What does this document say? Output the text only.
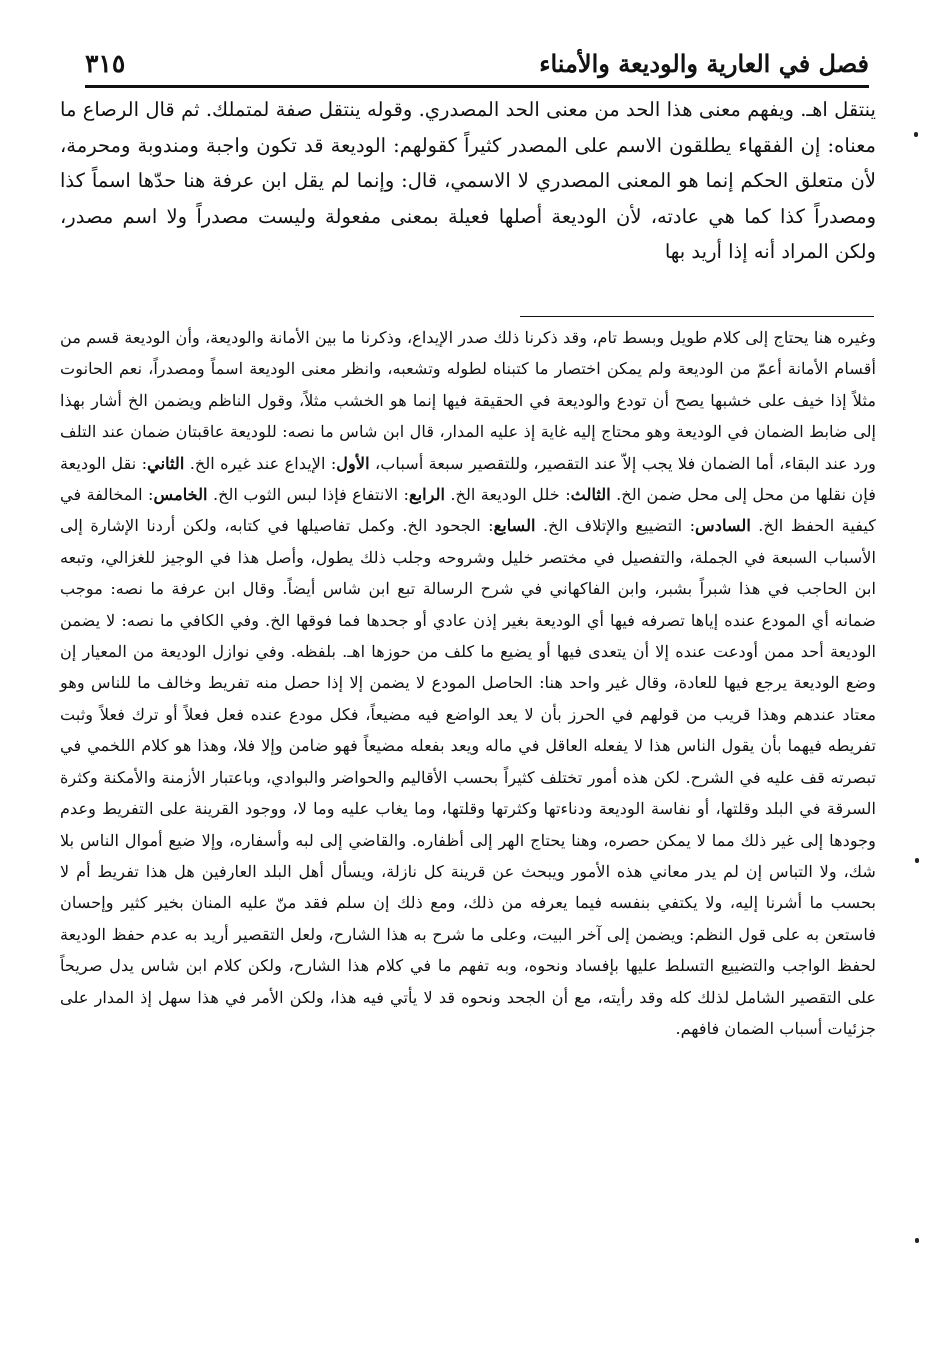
فصل في العارية والوديعة والأمناء
٣١٥

ينتقل اهـ. ويفهم معنى هذا الحد من معنى الحد المصدري. وقوله ينتقل صفة لمتملك. ثم قال الرصاع ما معناه: إن الفقهاء يطلقون الاسم على المصدر كثيراً كقولهم: الوديعة قد تكون واجبة ومندوبة ومحرمة، لأن متعلق الحكم إنما هو المعنى المصدري لا الاسمي، قال: وإنما لم يقل ابن عرفة هنا حدّها اسماً كذا ومصدراً كذا كما هي عادته، لأن الوديعة أصلها فعيلة بمعنى مفعولة وليست مصدراً ولا اسم مصدر، ولكن المراد أنه إذا أريد بها

وغيره هنا يحتاج إلى كلام طويل وبسط تام، وقد ذكرنا ذلك صدر الإيداع، وذكرنا ما بين الأمانة والوديعة، وأن الوديعة قسم من أقسام الأمانة أعمّ من الوديعة ولم يمكن اختصار ما كتبناه لطوله وتشعبه، وانظر معنى الوديعة اسماً ومصدراً، نعم الحانوت مثلاً إذا خيف على خشبها يصح أن تودع والوديعة في الحقيقة فيها إنما هو الخشب مثلاً، وقول الناظم ويضمن الخ أشار بهذا إلى ضابط الضمان في الوديعة وهو محتاج إليه غاية إذ عليه المدار، قال ابن شاس ما نصه: للوديعة عاقبتان ضمان عند التلف ورد عند البقاء، أما الضمان فلا يجب إلاّ عند التقصير، وللتقصير سبعة أسباب، الأول: الإيداع عند غيره الخ. الثاني: نقل الوديعة فإن نقلها من محل إلى محل ضمن الخ. الثالث: خلل الوديعة الخ. الرابع: الانتفاع فإذا لبس الثوب الخ. الخامس: المخالفة في كيفية الحفظ الخ. السادس: التضييع والإتلاف الخ. السابع: الجحود الخ. وكمل تفاصيلها في كتابه، ولكن أردنا الإشارة إلى الأسباب السبعة في الجملة، والتفصيل في مختصر خليل وشروحه وجلب ذلك يطول، وأصل هذا في الوجيز للغزالي، وتبعه ابن الحاجب في هذا شبراً بشبر، وابن الفاكهاني في شرح الرسالة تبع ابن شاس أيضاً. وقال ابن عرفة ما نصه: موجب ضمانه أي المودع عنده إياها تصرفه فيها أي الوديعة بغير إذن عادي أو جحدها فما فوقها الخ. وفي الكافي ما نصه: لا يضمن الوديعة أحد ممن أودعت عنده إلا أن يتعدى فيها أو يضيع ما كلف من حوزها اهـ. بلفظه. وفي نوازل الوديعة من المعيار إن وضع الوديعة يرجع فيها للعادة، وقال غير واحد هنا: الحاصل المودع لا يضمن إلا إذا حصل منه تفريط وخالف ما للناس وهو معتاد عندهم وهذا قريب من قولهم في الحرز بأن لا يعد الواضع فيه مضيعاً، فكل مودع عنده فعل فعلاً أو ترك فعلاً وثبت تفريطه فيهما بأن يقول الناس هذا لا يفعله العاقل في ماله ويعد بفعله مضيعاً فهو ضامن وإلا فلا، وهذا هو كلام اللخمي في تبصرته قف عليه في الشرح. لكن هذه أمور تختلف كثيراً بحسب الأقاليم والحواضر والبوادي، وباعتبار الأزمنة والأمكنة وكثرة السرقة في البلد وقلتها، أو نفاسة الوديعة ودناءتها وكثرتها وقلتها، وما يغاب عليه وما لا، ووجود القرينة على التفريط وعدم وجودها إلى غير ذلك مما لا يمكن حصره، وهنا يحتاج الهر إلى أظفاره. والقاضي إلى لبه وأسفاره، وإلا ضيع أموال الناس بلا شك، ولا التباس إن لم يدر معاني هذه الأمور ويبحث عن قرينة كل نازلة، ويسأل أهل البلد العارفين هل هذا تفريط أم لا بحسب ما أشرنا إليه، ولا يكتفي بنفسه فيما يعرفه من ذلك، ومع ذلك إن سلم فقد منّ عليه المنان بخير كثير وإحسان فاستعن به على قول النظم: ويضمن إلى آخر البيت، وعلى ما شرح به هذا الشارح، ولعل التقصير أريد به عدم حفظ الوديعة لحفظ الواجب والتضييع التسلط عليها بإفساد ونحوه، وبه تفهم ما في كلام هذا الشارح، ولكن كلام ابن شاس يدل صريحاً على التقصير الشامل لذلك كله وقد رأيته، مع أن الجحد ونحوه قد لا يأتي فيه هذا، ولكن الأمر في هذا سهل إذ المدار على جزئيات أسباب الضمان فافهم.
